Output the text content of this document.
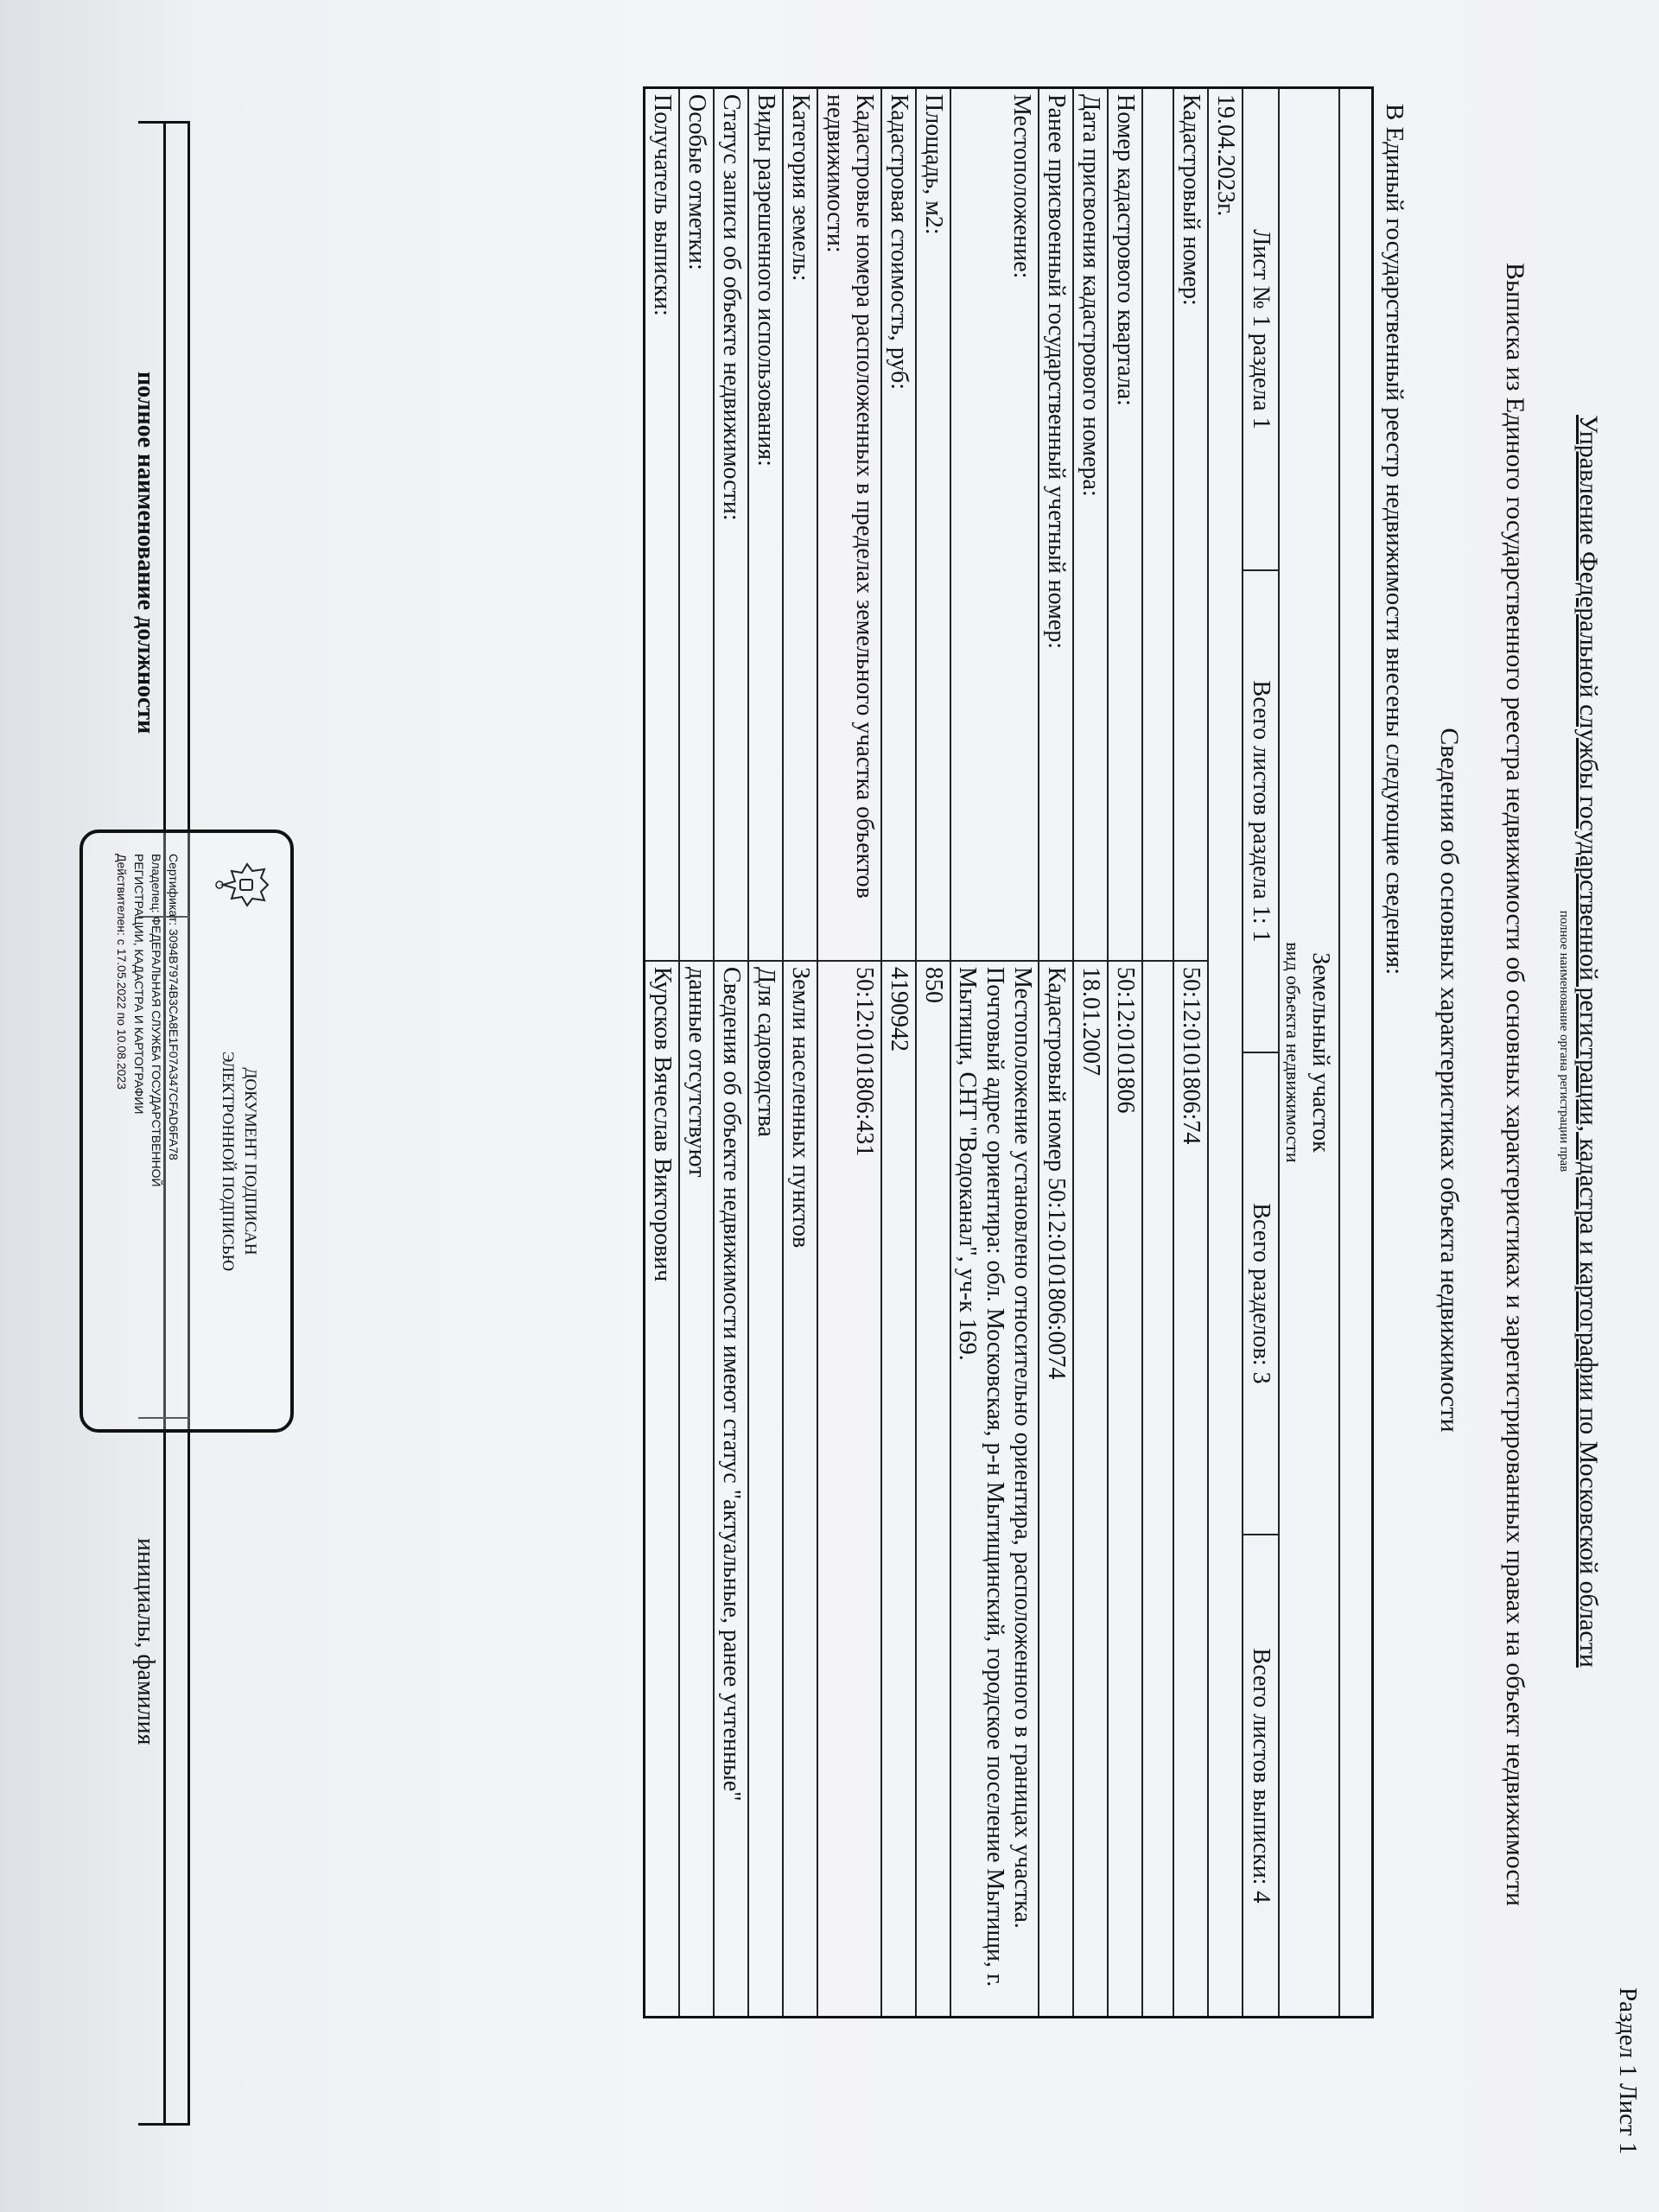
Раздел 1 Лист 1
Управление Федеральной службы государственной регистрации, кадастра и картографии по Московской области
полное наименование органа регистрации прав
Выписка из Единого государственного реестра недвижимости об основных характеристиках и зарегистрированных правах на объект недвижимости
Сведения об основных характеристиках объекта недвижимости
В Единый государственный реестр недвижимости внесены следующие сведения:
Земельный участок
вид объекта недвижимости
Лист № 1 раздела 1
Всего листов раздела 1: 1
Всего разделов: 3
Всего листов выписки: 4
19.04.2023г.
Кадастровый номер:
50:12:0101806:74
Номер кадастрового квартала:
50:12:0101806
Дата присвоения кадастрового номера:
18.01.2007
Ранее присвоенный государственный учетный номер:
Кадастровый номер 50:12:0101806:0074
Местоположение:
Местоположение установлено относительно ориентира, расположенного в границах участка. Почтовый адрес ориентира: обл. Московская, р-н Мытищинский, городское поселение Мытищи, г. Мытищи, СНТ "Водоканал", уч-к 169.
Площадь, м2:
850
Кадастровая стоимость, руб:
4190942
Кадастровые номера расположенных в пределах земельного участка объектов недвижимости:
50:12:0101806:431
Категория земель:
Земли населенных пунктов
Виды разрешенного использования:
Для садоводства
Статус записи об объекте недвижимости:
Сведения об объекте недвижимости имеют статус "актуальные, ранее учтенные"
Особые отметки:
данные отсутствуют
Получатель выписки:
Курсков Вячеслав Викторович
полное наименование должности
инициалы, фамилия
ДОКУМЕНТ ПОДПИСАН
ЭЛЕКТРОННОЙ ПОДПИСЬЮ
Сертификат: 3094B7974B3CA8E1F07A347CFAD6FA78
Владелец: ФЕДЕРАЛЬНАЯ СЛУЖБА ГОСУДАРСТВЕННОЙ
РЕГИСТРАЦИИ, КАДАСТРА И КАРТОГРАФИИ
Действителен: с 17.05.2022 по 10.08.2023
